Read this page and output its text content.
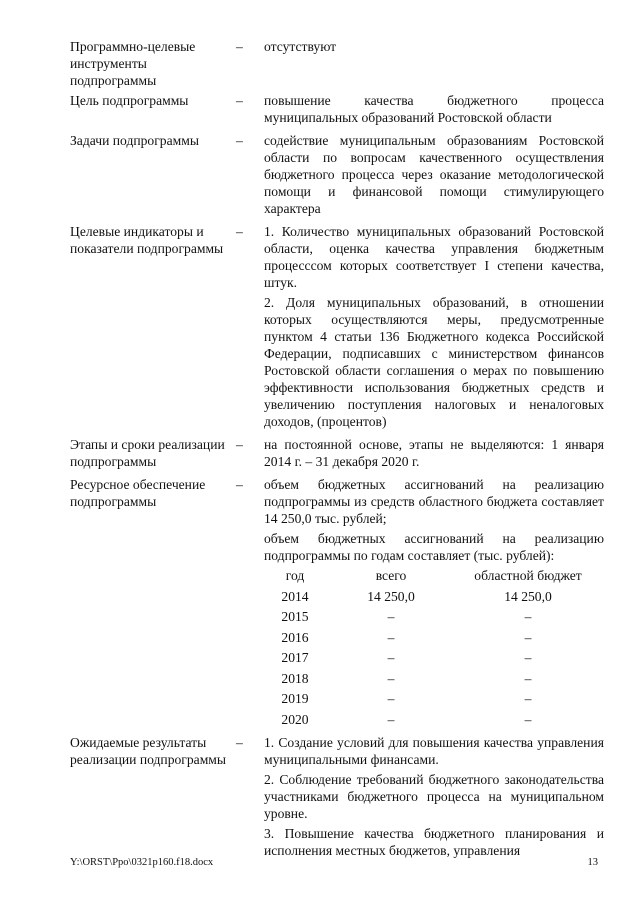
Программно-целевые инструменты подпрограммы	–	отсутствуют

Цель подпрограммы	–	повышение качества бюджетного процесса муниципальных образований Ростовской области

Задачи подпрограммы	–	содействие муниципальным образованиям Ростовской области по вопросам качественного осуществления бюджетного процесса через оказание методологической помощи и финансовой помощи стимулирующего характера

Целевые индикаторы и показатели подпрограммы	–	1. Количество муниципальных образований Ростовской области, оценка качества управления бюджетным процесссом которых соответствует I степени качества, штук.
2. Доля муниципальных образований, в отношении которых осуществляются меры, предусмотренные пунктом 4 статьи 136 Бюджетного кодекса Российской Федерации, подписавших с министерством финансов Ростовской области соглашения о мерах по повышению эффективности использования бюджетных средств и увеличению поступления налоговых и неналоговых доходов, (процентов)

Этапы и сроки реализации подпрограммы	–	на постоянной основе, этапы не выделяются: 1 января 2014 г. – 31 декабря 2020 г.

Ресурсное обеспечение подпрограммы	–	объем бюджетных ассигнований на реализацию подпрограммы из средств областного бюджета составляет 14 250,0 тыс. рублей;
объем бюджетных ассигнований на реализацию подпрограммы по годам составляет (тыс. рублей):
год	всего	областной бюджет
2014	14 250,0	14 250,0
2015	–	–
2016	–	–
2017	–	–
2018	–	–
2019	–	–
2020	–	–

Ожидаемые результаты реализации подпрограммы	–	1. Создание условий для повышения качества управления муниципальными финансами.
2. Соблюдение требований бюджетного законодательства участниками бюджетного процесса на муниципальном уровне.
3. Повышение качества бюджетного планирования и исполнения местных бюджетов, управления
Y:\ORST\Ppo\0321p160.f18.docx	13
